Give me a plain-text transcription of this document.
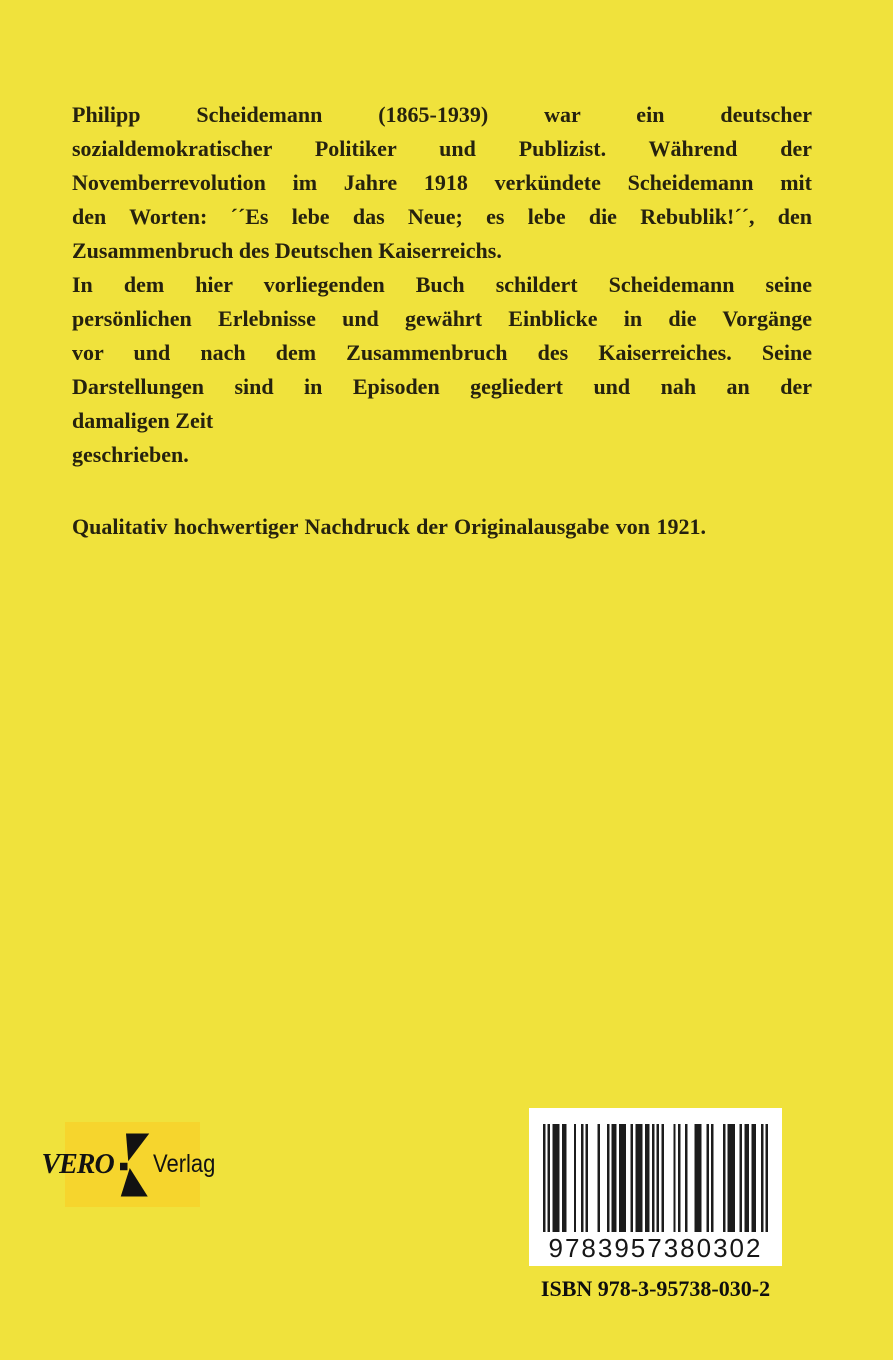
Philipp Scheidemann (1865-1939) war ein deutscher
sozialdemokratischer Politiker und Publizist. Während der
Novemberrevolution im Jahre 1918 verkündete Scheidemann mit
den Worten: ´´Es lebe das Neue; es lebe die Rebublik!´´, den
Zusammenbruch des Deutschen Kaiserreichs.
In dem hier vorliegenden Buch schildert Scheidemann seine
persönlichen Erlebnisse und gewährt Einblicke in die Vorgänge
vor und nach dem Zusammenbruch des Kaiserreiches. Seine
Darstellungen sind in Episoden gegliedert und nah an der
damaligen Zeit
geschrieben.
Qualitativ hochwertiger Nachdruck der Originalausgabe von 1921.
VERO Verlag
9783957380302
ISBN 978-3-95738-030-2
